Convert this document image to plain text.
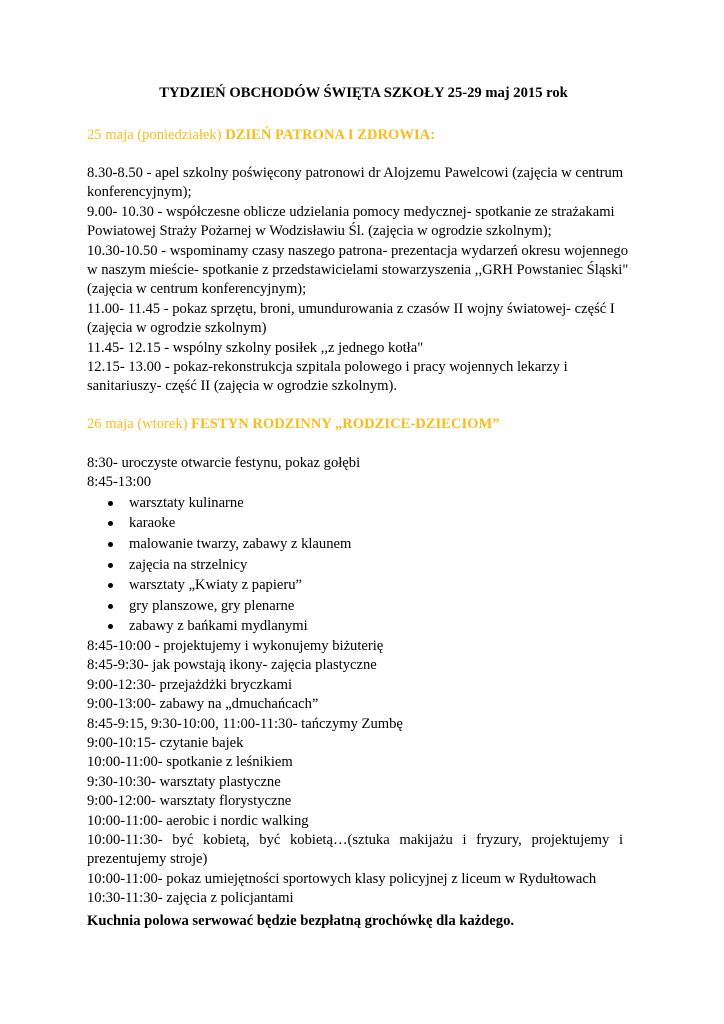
TYDZIEŃ OBCHODÓW ŚWIĘTA SZKOŁY 25-29 maj 2015 rok
25 maja (poniedziałek) DZIEŃ PATRONA I ZDROWIA:

8.30-8.50 - apel szkolny poświęcony patronowi dr Alojzemu Pawelcowi (zajęcia w centrum

konferencyjnym);

9.00- 10.30 - współczesne oblicze udzielania pomocy medycznej- spotkanie ze strażakami

Powiatowej Straży Pożarnej w Wodzisławiu Śl. (zajęcia w ogrodzie szkolnym);

10.30-10.50 - wspominamy czasy naszego patrona- prezentacja wydarzeń okresu wojennego

w naszym mieście- spotkanie z przedstawicielami stowarzyszenia ,,GRH Powstaniec Śląski"

(zajęcia w centrum konferencyjnym);

11.00- 11.45 - pokaz sprzętu, broni, umundurowania z czasów II wojny światowej- część I

(zajęcia w ogrodzie szkolnym)

11.45- 12.15 - wspólny szkolny posiłek ,,z jednego kotła"

12.15- 13.00 - pokaz-rekonstrukcja szpitala polowego i pracy wojennych lekarzy i

sanitariuszy- część II (zajęcia w ogrodzie szkolnym).

26 maja (wtorek) FESTYN RODZINNY „RODZICE-DZIECIOM”

8:30- uroczyste otwarcie festynu, pokaz gołębi

8:45-13:00

warsztaty kulinarne
karaoke
malowanie twarzy, zabawy z klaunem
zajęcia na strzelnicy
warsztaty „Kwiaty z papieru”
gry planszowe, gry plenarne
zabawy z bańkami mydlanymi

8:45-10:00 - projektujemy i wykonujemy biżuterię

8:45-9:30- jak powstają ikony- zajęcia plastyczne

9:00-12:30- przejażdżki bryczkami

9:00-13:00- zabawy na „dmuchańcach”

8:45-9:15, 9:30-10:00, 11:00-11:30- tańczymy Zumbę

9:00-10:15- czytanie bajek

10:00-11:00- spotkanie z leśnikiem

9:30-10:30- warsztaty plastyczne

9:00-12:00- warsztaty florystyczne

10:00-11:00- aerobic i nordic walking

10:00-11:30- być kobietą, być kobietą…(sztuka makijażu i fryzury, projektujemy i

prezentujemy stroje)

10:00-11:00- pokaz umiejętności sportowych klasy policyjnej z liceum w Rydułtowach

10:30-11:30- zajęcia z policjantami

Kuchnia polowa serwować będzie bezpłatną grochówkę dla każdego.
